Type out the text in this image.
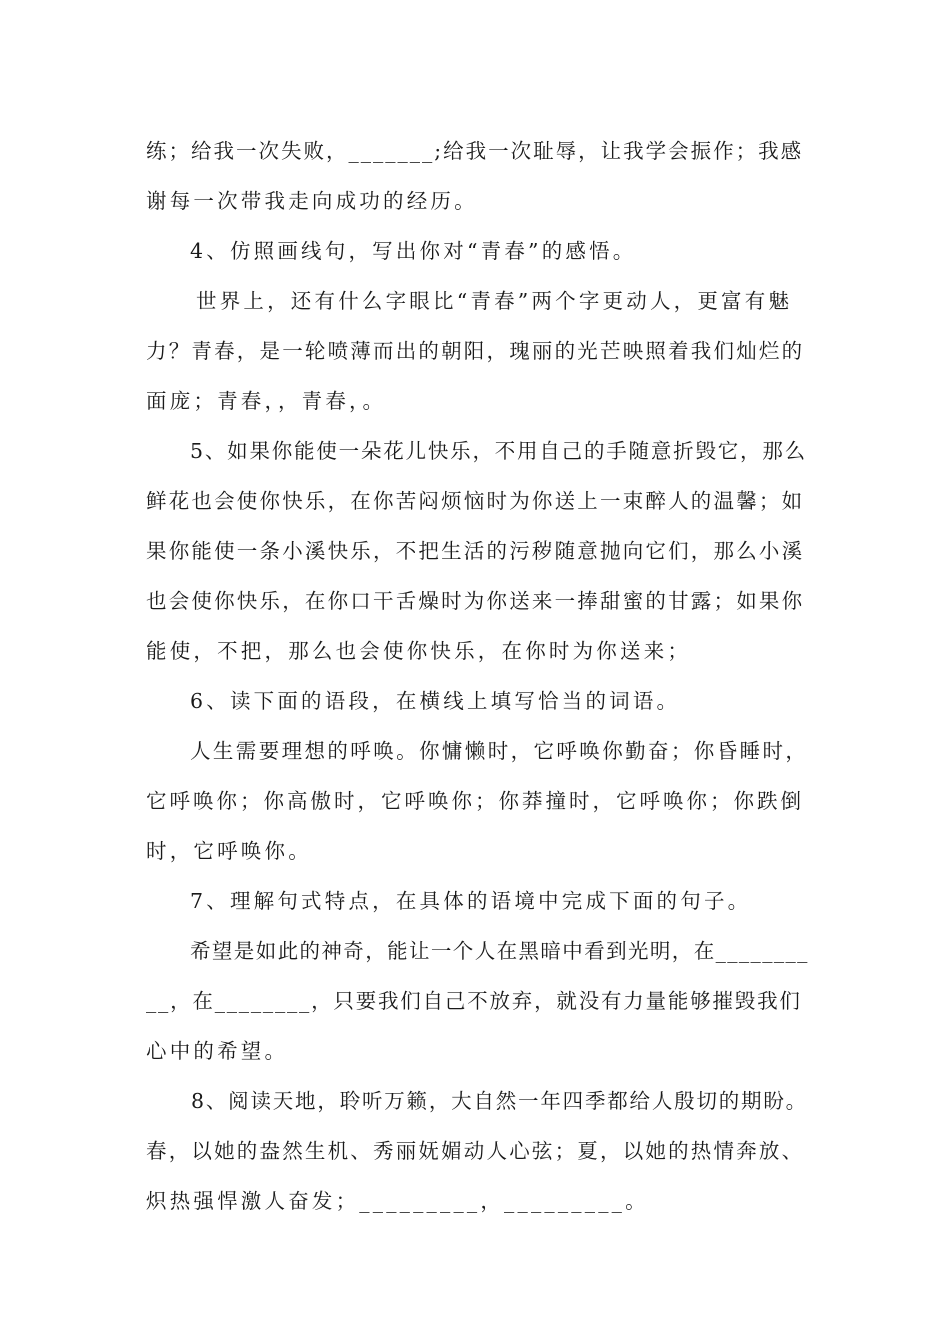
练；给我一次失败，_______;给我一次耻辱，让我学会振作；我感
谢每一次带我走向成功的经历。
4、仿照画线句，写出你对“青春”的感悟。
世界上，还有什么字眼比“青春”两个字更动人，更富有魅
力？青春，是一轮喷薄而出的朝阳，瑰丽的光芒映照着我们灿烂的
面庞；青春，，青春，。
5、如果你能使一朵花儿快乐，不用自己的手随意折毁它，那么
鲜花也会使你快乐，在你苦闷烦恼时为你送上一束醉人的温馨；如
果你能使一条小溪快乐，不把生活的污秽随意抛向它们，那么小溪
也会使你快乐，在你口干舌燥时为你送来一捧甜蜜的甘露；如果你
能使，不把，那么也会使你快乐，在你时为你送来；
6、读下面的语段，在横线上填写恰当的词语。
人生需要理想的呼唤。你慵懒时，它呼唤你勤奋；你昏睡时，
它呼唤你；你高傲时，它呼唤你；你莽撞时，它呼唤你；你跌倒
时，它呼唤你。
7、理解句式特点，在具体的语境中完成下面的句子。
希望是如此的神奇，能让一个人在黑暗中看到光明，在________
__，在________，只要我们自己不放弃，就没有力量能够摧毁我们
心中的希望。
8、阅读天地，聆听万籁，大自然一年四季都给人殷切的期盼。
春，以她的盎然生机、秀丽妩媚动人心弦；夏，以她的热情奔放、
炽热强悍激人奋发；_________，_________。
